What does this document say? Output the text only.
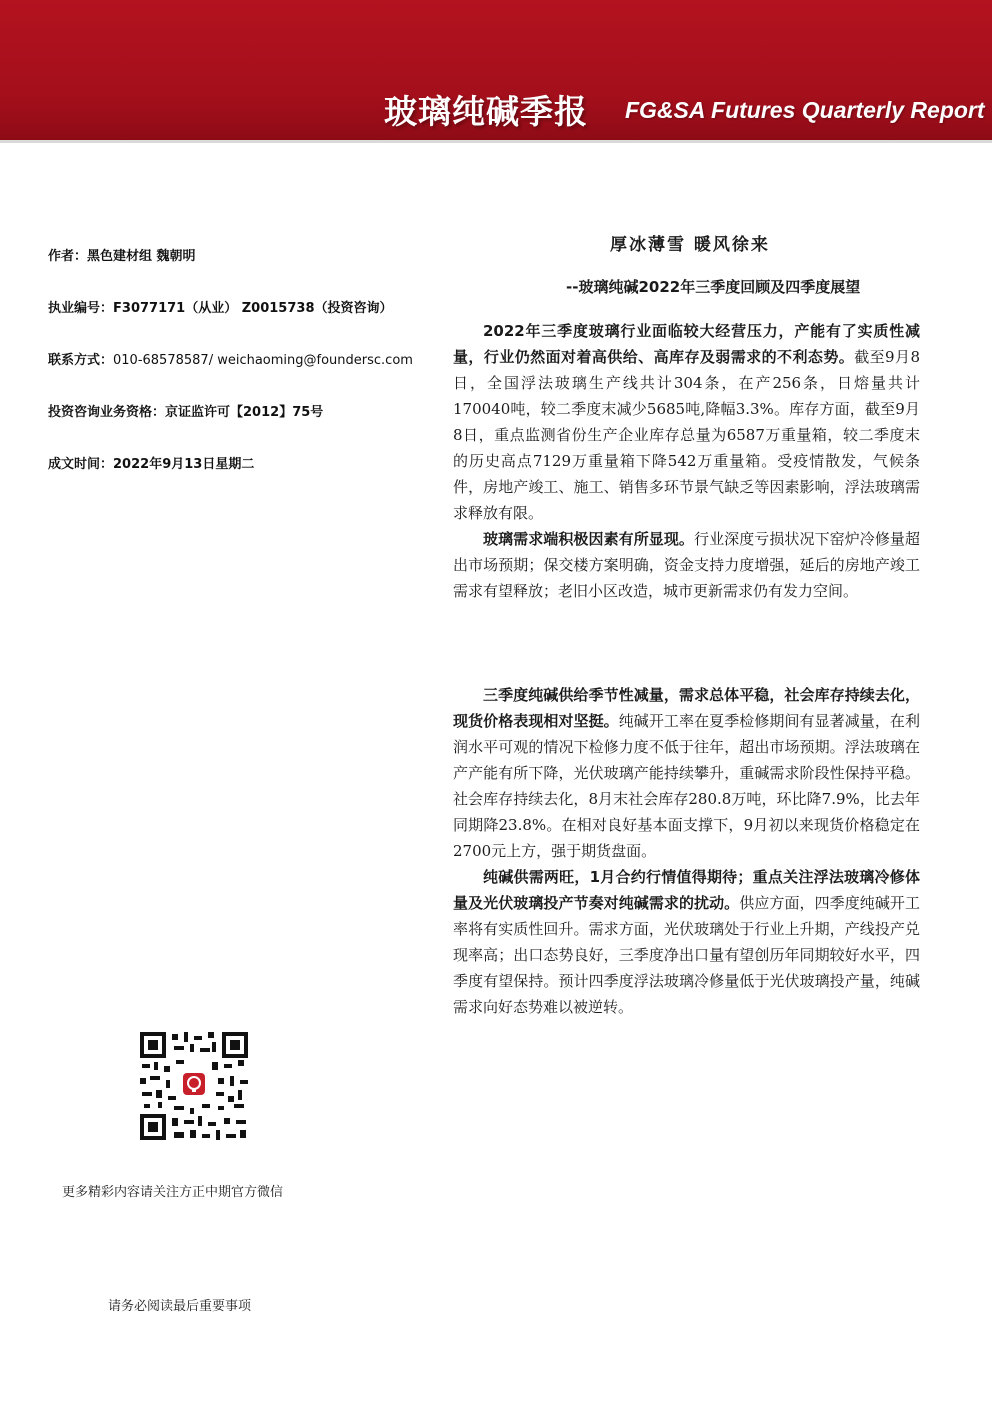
玻璃纯碱季报 FG&SA Futures Quarterly Report
作者：黑色建材组 魏朝明
执业编号：F3077171（从业） Z0015738（投资咨询）
联系方式：010-68578587/ weichaoming@foundersc.com
投资咨询业务资格：京证监许可【2012】75号
成文时间：2022年9月13日星期二
厚冰薄雪 暖风徐来
--玻璃纯碱2022年三季度回顾及四季度展望

2022年三季度玻璃行业面临较大经营压力，产能有了实质性减量，行业仍然面对着高供给、高库存及弱需求的不利态势。截至9月8日，全国浮法玻璃生产线共计304条，在产256条，日熔量共计170040吨，较二季度末减少5685吨,降幅3.3%。库存方面，截至9月8日，重点监测省份生产企业库存总量为6587万重量箱，较二季度末的历史高点7129万重量箱下降542万重量箱。受疫情散发，气候条件，房地产竣工、施工、销售多环节景气缺乏等因素影响，浮法玻璃需求释放有限。

玻璃需求端积极因素有所显现。行业深度亏损状况下窑炉冷修量超出市场预期；保交楼方案明确，资金支持力度增强，延后的房地产竣工需求有望释放；老旧小区改造，城市更新需求仍有发力空间。

三季度纯碱供给季节性减量，需求总体平稳，社会库存持续去化，现货价格表现相对坚挺。纯碱开工率在夏季检修期间有显著减量，在利润水平可观的情况下检修力度不低于往年，超出市场预期。浮法玻璃在产产能有所下降，光伏玻璃产能持续攀升，重碱需求阶段性保持平稳。社会库存持续去化，8月末社会库存280.8万吨，环比降7.9%，比去年同期降23.8%。在相对良好基本面支撑下，9月初以来现货价格稳定在2700元上方，强于期货盘面。

纯碱供需两旺，1月合约行情值得期待；重点关注浮法玻璃冷修体量及光伏玻璃投产节奏对纯碱需求的扰动。供应方面，四季度纯碱开工率将有实质性回升。需求方面，光伏玻璃处于行业上升期，产线投产兑现率高；出口态势良好，三季度净出口量有望创历年同期较好水平，四季度有望保持。预计四季度浮法玻璃冷修量低于光伏玻璃投产量，纯碱需求向好态势难以被逆转。

更多精彩内容请关注方正中期官方微信
请务必阅读最后重要事项
